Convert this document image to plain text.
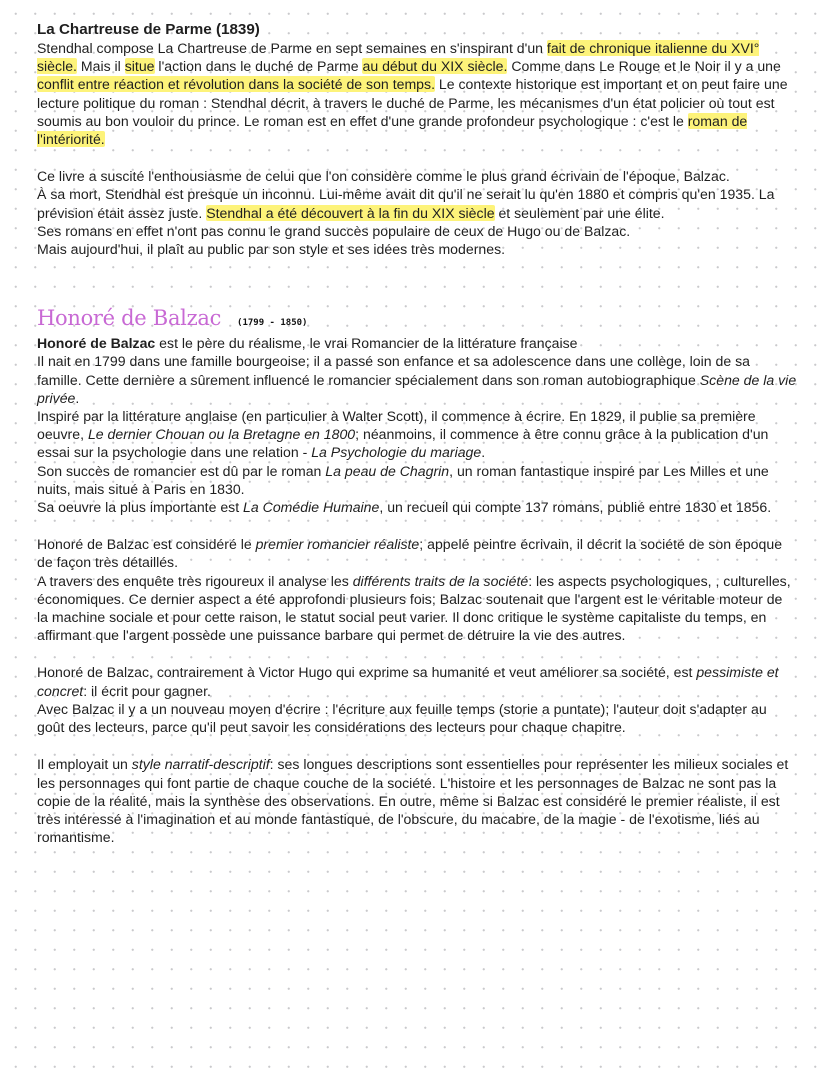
La Chartreuse de Parme (1839)

Stendhal compose La Chartreuse de Parme en sept semaines en s'inspirant d'un fait de chronique italienne du XVI° siècle. Mais il situe l'action dans le duché de Parme au début du XIX siècle. Comme dans Le Rouge et le Noir il y a une conflit entre réaction et révolution dans la société de son temps. Le contexte historique est important et on peut faire une lecture politique du roman : Stendhal décrit, à travers le duché de Parme, les mécanismes d'un état policier où tout est soumis au bon vouloir du prince. Le roman est en effet d'une grande profondeur psychologique : c'est le roman de l'intériorité.

Ce livre a suscité l'enthousiasme de celui que l'on considère comme le plus grand écrivain de l'époque, Balzac.

À sa mort, Stendhal est presque un inconnu. Lui-même avait dit qu'il ne serait lu qu'en 1880 et compris qu'en 1935. La prévision était assez juste. Stendhal a été découvert à la fin du XIX siècle et seulement par une élite.

Ses romans en effet n'ont pas connu le grand succès populaire de ceux de Hugo ou de Balzac.

Mais aujourd'hui, il plaît au public par son style et ses idées très modernes.

Honoré de Balzac (1799 - 1850)

Honoré de Balzac est le père du réalisme, le vrai Romancier de la littérature française

Il nait en 1799 dans une famille bourgeoise; il a passé son enfance et sa adolescence dans une collège, loin de sa famille. Cette dernière a sûrement influencé le romancier spécialement dans son roman autobiographique Scène de la vie privée.

Inspiré par la littérature anglaise (en particulier à Walter Scott), il commence à écrire. En 1829, il publie sa première oeuvre, Le dernier Chouan ou la Bretagne en 1800; néanmoins, il commence à être connu grâce à la publication d'un essai sur la psychologie dans une relation - La Psychologie du mariage.

Son succès de romancier est dû par le roman La peau de Chagrin, un roman fantastique inspiré par Les Milles et une nuits, mais situé à Paris en 1830.

Sa oeuvre la plus importante est La Comédie Humaine, un recueil qui compte 137 romans, publié entre 1830 et 1856.

Honoré de Balzac est considéré le premier romancier réaliste; appelé peintre écrivain, il décrit la société de son époque de façon très détaillés.

A travers des enquête très rigoureux il analyse les différents traits de la société: les aspects psychologiques, , culturelles, économiques. Ce dernier aspect a été approfondi plusieurs fois; Balzac soutenait que l'argent est le véritable moteur de la machine sociale et pour cette raison, le statut social peut varier. Il donc critique le système capitaliste du temps, en affirmant que l'argent possède une puissance barbare qui permet de détruire la vie des autres.

Honoré de Balzac, contrairement à Victor Hugo qui exprime sa humanité et veut améliorer sa société, est pessimiste et concret: il écrit pour gagner.

Avec Balzac il y a un nouveau moyen d'écrire : l'écriture aux feuille temps (storie a puntate); l'auteur doit s'adapter au goût des lecteurs, parce qu'il peut savoir les considérations des lecteurs pour chaque chapitre.

Il employait un style narratif-descriptif: ses longues descriptions sont essentielles pour représenter les milieux sociales et les personnages qui font partie de chaque couche de la société. L'histoire et les personnages de Balzac ne sont pas la copie de la réalité, mais la synthèse des observations. En outre, même si Balzac est considéré le premier réaliste, il est très intéressé à l'imagination et au monde fantastique, de l'obscure, du macabre, de la magie - de l'exotisme, liés au romantisme.
